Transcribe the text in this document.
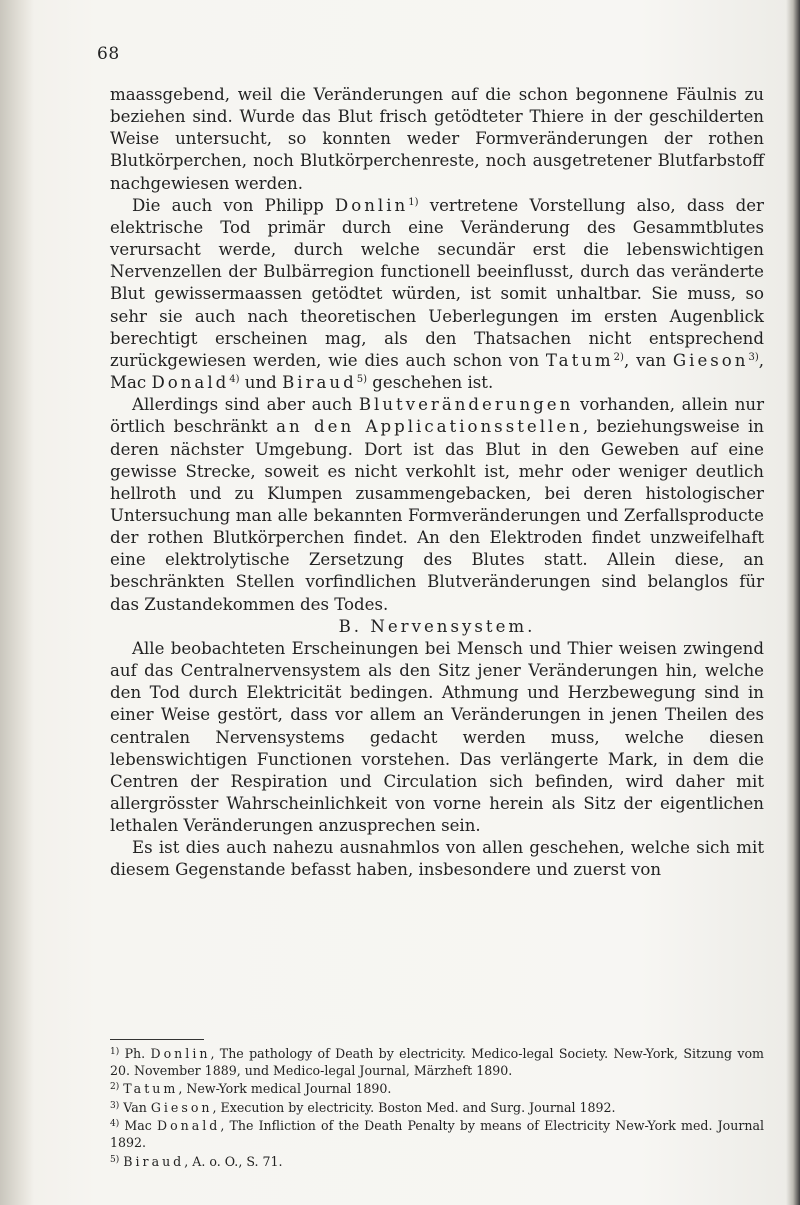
68

maassgebend, weil die Veränderungen auf die schon begonnene Fäulnis zu beziehen sind. Wurde das Blut frisch getödteter Thiere in der geschilderten Weise untersucht, so konnten weder Formveränderungen der rothen Blutkörperchen, noch Blutkörperchenreste, noch ausgetretener Blutfarbstoff nachgewiesen werden.

Die auch von Philipp Donlin$^{1)}$ vertretene Vorstellung also, dass der elektrische Tod primär durch eine Veränderung des Gesammtblutes verursacht werde, durch welche secundär erst die lebenswichtigen Nervenzellen der Bulbärregion functionell beeinflusst, durch das veränderte Blut gewissermaassen getödtet würden, ist somit unhaltbar. Sie muss, so sehr sie auch nach theoretischen Ueberlegungen im ersten Augenblick berechtigt erscheinen mag, als den Thatsachen nicht entsprechend zurückgewiesen werden, wie dies auch schon von Tatum$^{2)}$, van Gieson$^{3)}$, Mac Donald$^{4)}$ und Biraud$^{5)}$ geschehen ist.

Allerdings sind aber auch Blutveränderungen vorhanden, allein nur örtlich beschränkt an den Applicationsstellen, beziehungsweise in deren nächster Umgebung. Dort ist das Blut in den Geweben auf eine gewisse Strecke, soweit es nicht verkohlt ist, mehr oder weniger deutlich hellroth und zu Klumpen zusammengebacken, bei deren histologischer Untersuchung man alle bekannten Formveränderungen und Zerfallsproducte der rothen Blutkörperchen findet. An den Elektroden findet unzweifelhaft eine elektrolytische Zersetzung des Blutes statt. Allein diese, an beschränkten Stellen vorfindlichen Blutveränderungen sind belanglos für das Zustandekommen des Todes.

B. Nervensystem.

Alle beobachteten Erscheinungen bei Mensch und Thier weisen zwingend auf das Centralnervensystem als den Sitz jener Veränderungen hin, welche den Tod durch Elektricität bedingen. Athmung und Herzbewegung sind in einer Weise gestört, dass vor allem an Veränderungen in jenen Theilen des centralen Nervensystems gedacht werden muss, welche diesen lebenswichtigen Functionen vorstehen. Das verlängerte Mark, in dem die Centren der Respiration und Circulation sich befinden, wird daher mit allergrösster Wahrscheinlichkeit von vorne herein als Sitz der eigentlichen lethalen Veränderungen anzusprechen sein.

Es ist dies auch nahezu ausnahmlos von allen geschehen, welche sich mit diesem Gegenstande befasst haben, insbesondere und zuerst von

$^{1)}$ Ph. Donlin, The pathology of Death by electricity. Medico-legal Society. New-York, Sitzung vom 20. November 1889, und Medico-legal Journal, Märzheft 1890.

$^{2)}$ Tatum, New-York medical Journal 1890.

$^{3)}$ Van Gieson, Execution by electricity. Boston Med. and Surg. Journal 1892.

$^{4)}$ Mac Donald, The Infliction of the Death Penalty by means of Electricity New-York med. Journal 1892.

$^{5)}$ Biraud, A. o. O., S. 71.
